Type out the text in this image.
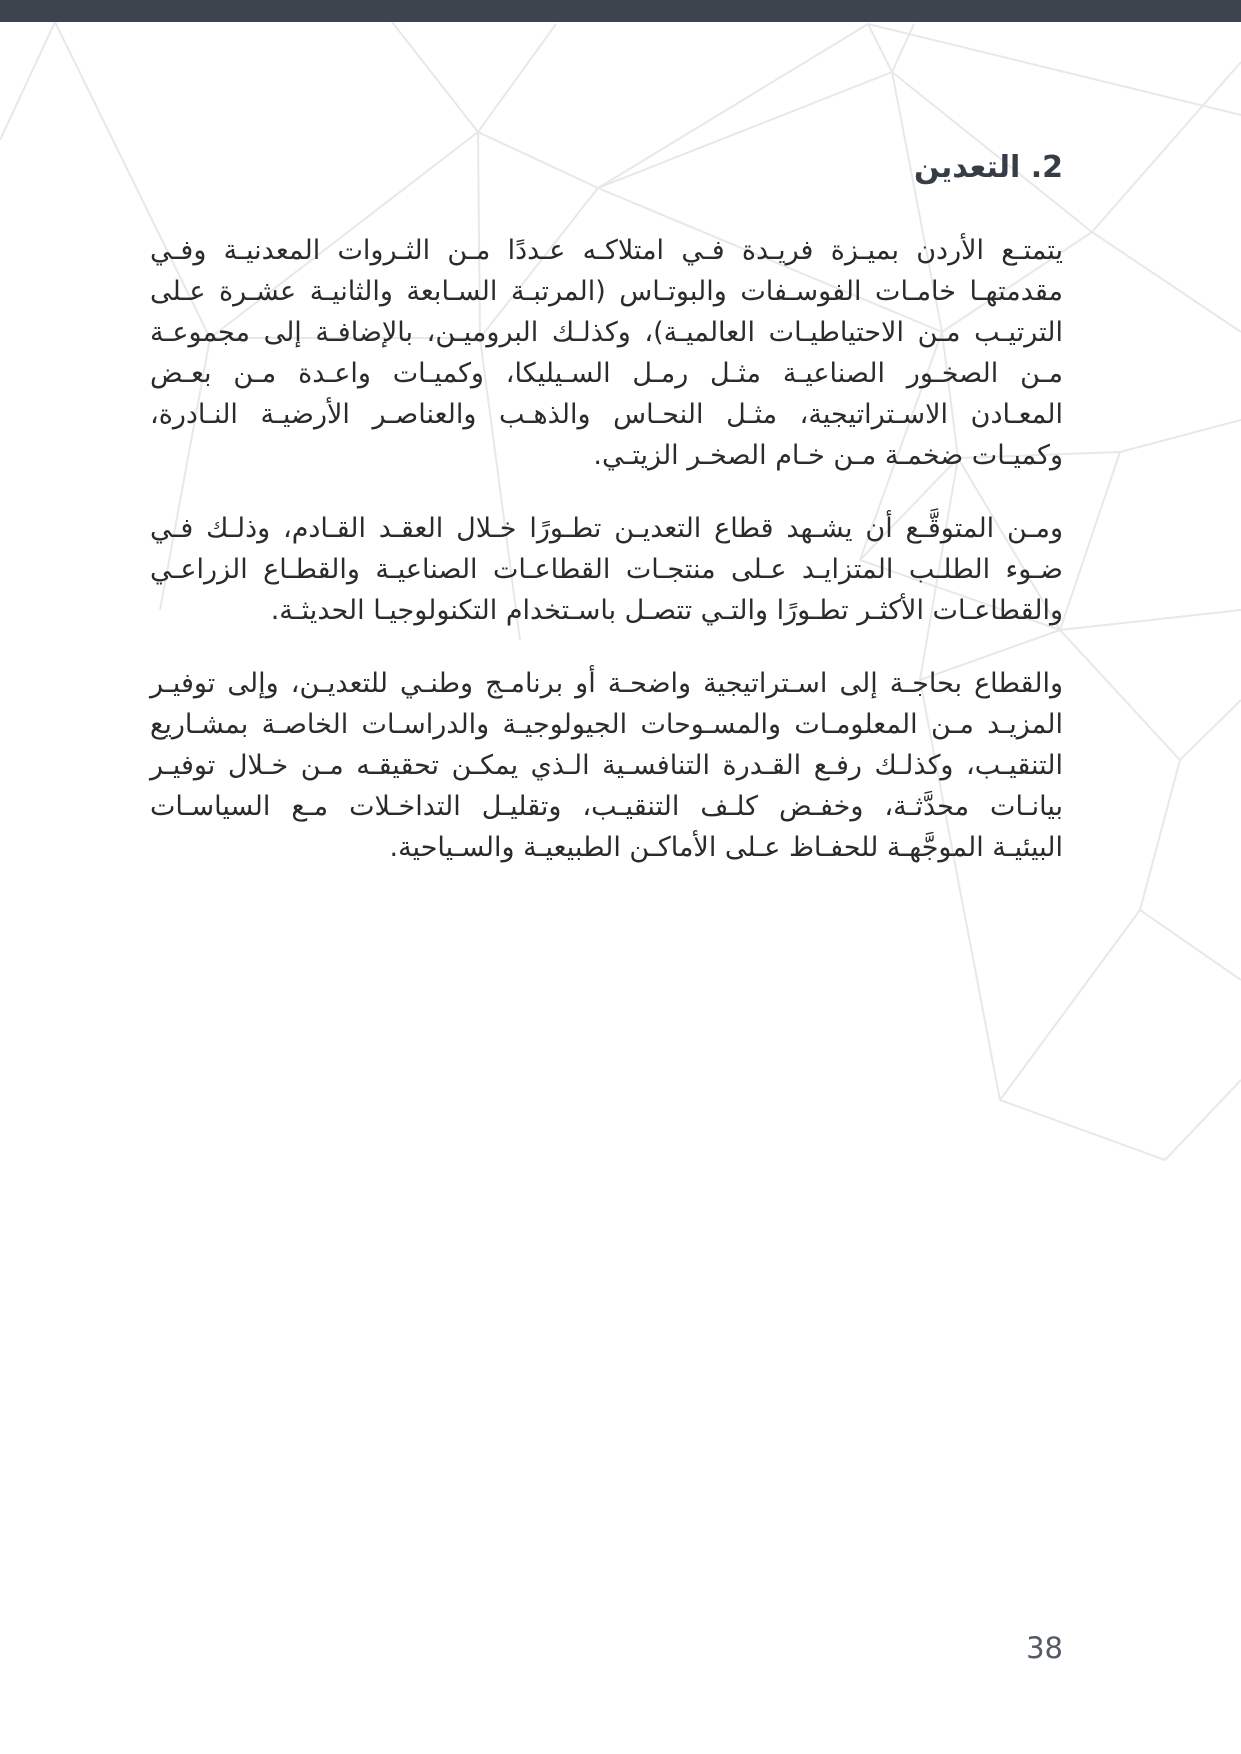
2. التعدين
يتمتـع الأردن بميـزة فريـدة فـي امتلاكـه عـددًا مـن الثـروات المعدنيـة وفـي
مقدمتهـا خامـات الفوسـفات والبوتـاس (المرتبـة السـابعة والثانيـة عشـرة عـلى
الترتيـب مـن الاحتياطيـات العالميـة)، وكذلـك البروميـن، بالإضافـة إلى مجموعـة
مـن الصخـور الصناعيـة مثـل رمـل السـيليكا، وكميـات واعـدة مـن بعـض
المعـادن الاسـتراتيجية، مثـل النحـاس والذهـب والعناصـر الأرضيـة النـادرة،
وكميـات ضخمـة مـن خـام الصخـر الزيتـي.
ومـن المتوقَّـع أن يشـهد قطاع التعديـن تطـورًا خـلال العقـد القـادم، وذلـك فـي
ضـوء الطلـب المتزايـد عـلى منتجـات القطاعـات الصناعيـة والقطـاع الزراعـي
والقطاعـات الأكثـر تطـورًا والتـي تتصـل باسـتخدام التكنولوجيـا الحديثـة.
والقطاع بحاجـة إلى اسـتراتيجية واضحـة أو برنامـج وطنـي للتعديـن، وإلى توفيـر
المزيـد مـن المعلومـات والمسـوحات الجيولوجيـة والدراسـات الخاصـة بمشـاريع
التنقيـب، وكذلـك رفـع القـدرة التنافسـية الـذي يمكـن تحقيقـه مـن خـلال توفيـر
بيانـات محدَّثـة، وخفـض كلـف التنقيـب، وتقليـل التداخـلات مـع السياسـات
البيئيـة الموجَّهـة للحفـاظ عـلى الأماكـن الطبيعيـة والسـياحية.
38
